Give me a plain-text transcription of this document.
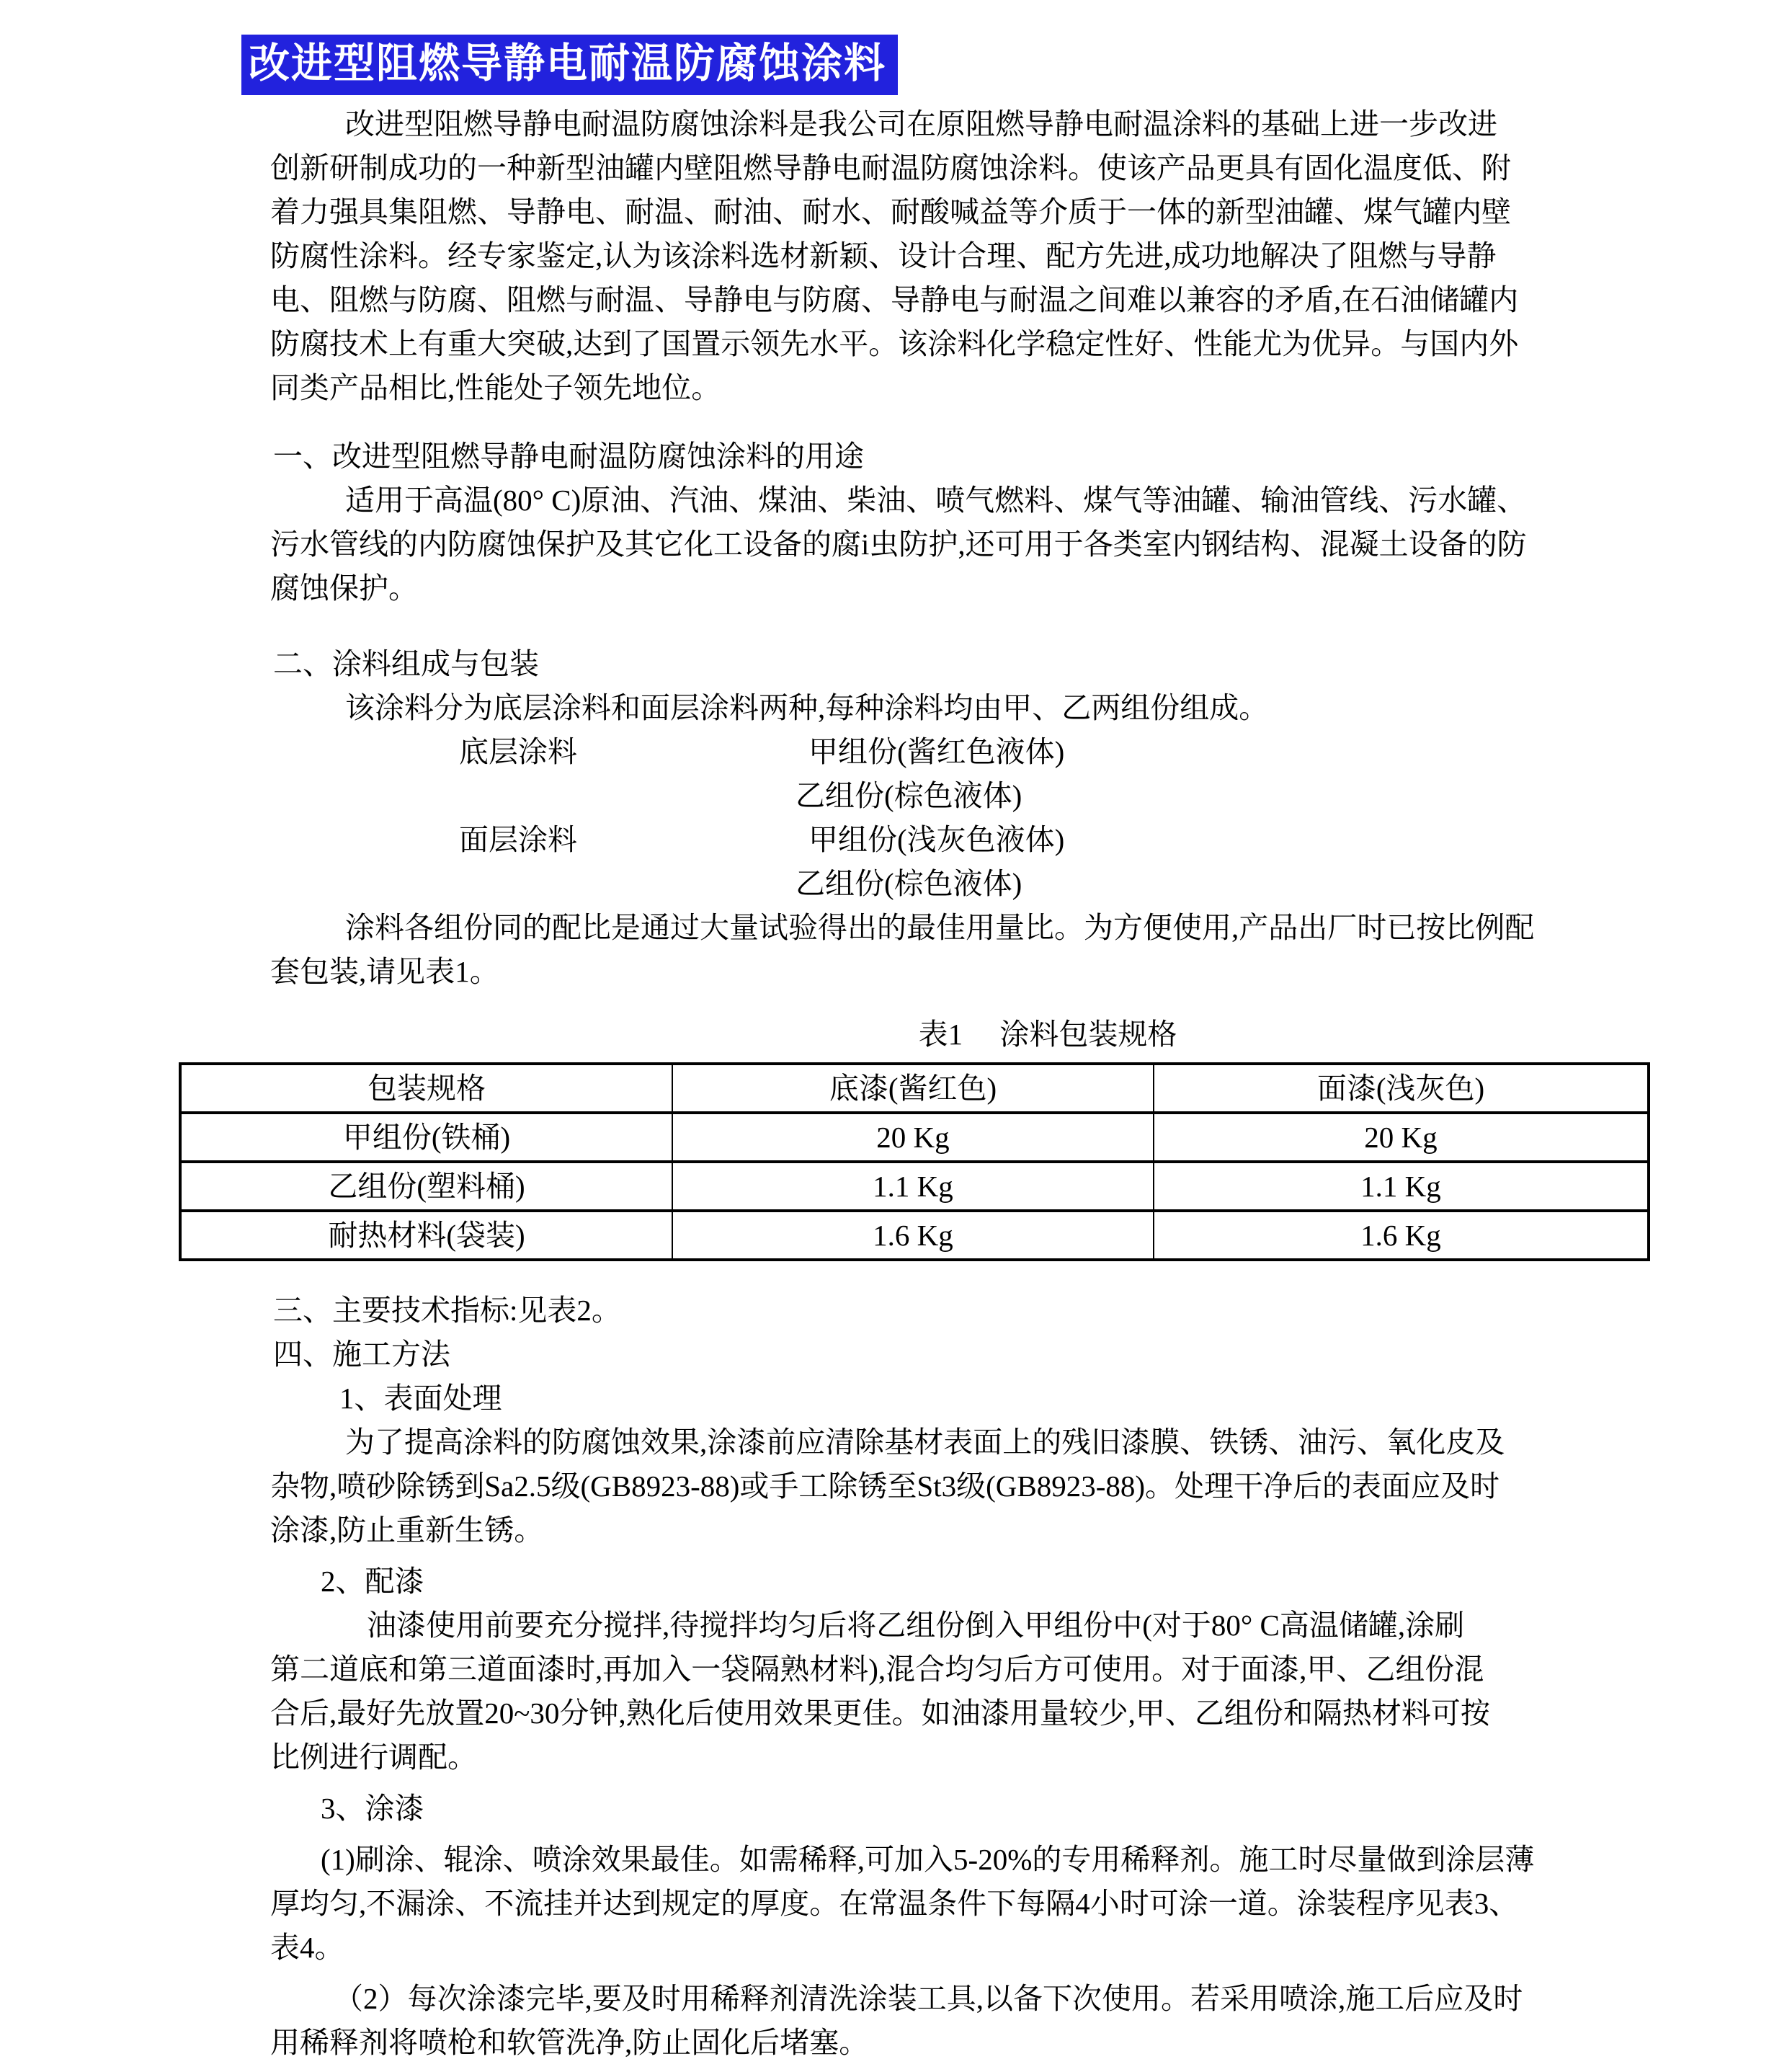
改进型阻燃导静电耐温防腐蚀涂料
改进型阻燃导静电耐温防腐蚀涂料是我公司在原阻燃导静电耐温涂料的基础上进一步改进
创新研制成功的一种新型油罐内壁阻燃导静电耐温防腐蚀涂料。使该产品更具有固化温度低、附
着力强具集阻燃、导静电、耐温、耐油、耐水、耐酸喊益等介质于一体的新型油罐、煤气罐内壁
防腐性涂料。经专家鉴定,认为该涂料选材新颖、设计合理、配方先进,成功地解决了阻燃与导静
电、阻燃与防腐、阻燃与耐温、导静电与防腐、导静电与耐温之间难以兼容的矛盾,在石油储罐内
防腐技术上有重大突破,达到了国置示领先水平。该涂料化学稳定性好、性能尤为优异。与国内外
同类产品相比,性能处子领先地位。
一、改进型阻燃导静电耐温防腐蚀涂料的用途
适用于高温(80° C)原油、汽油、煤油、柴油、喷气燃料、煤气等油罐、输油管线、污水罐、
污水管线的内防腐蚀保护及其它化工设备的腐i虫防护,还可用于各类室内钢结构、混凝土设备的防
腐蚀保护。
二、涂料组成与包装
该涂料分为底层涂料和面层涂料两种,每种涂料均由甲、乙两组份组成。
底层涂料	甲组份(酱红色液体)
乙组份(棕色液体)
面层涂料	甲组份(浅灰色液体)
乙组份(棕色液体)
涂料各组份同的配比是通过大量试验得出的最佳用量比。为方便使用,产品出厂时已按比例配
套包装,请见表1。
表1　 涂料包装规格
包装规格	底漆(酱红色)	面漆(浅灰色)
甲组份(铁桶)	20 Kg	20 Kg
乙组份(塑料桶)	1.1 Kg	1.1 Kg
耐热材料(袋装)	1.6 Kg	1.6 Kg
三、主要技术指标:见表2。
四、施工方法
1、表面处理
为了提高涂料的防腐蚀效果,涂漆前应清除基材表面上的残旧漆膜、铁锈、油污、氧化皮及
杂物,喷砂除锈到Sa2.5级(GB8923-88)或手工除锈至St3级(GB8923-88)。处理干净后的表面应及时
涂漆,防止重新生锈。
2、配漆
油漆使用前要充分搅拌,待搅拌均匀后将乙组份倒入甲组份中(对于80° C高温储罐,涂刷
第二道底和第三道面漆时,再加入一袋隔熟材料),混合均匀后方可使用。对于面漆,甲、乙组份混
合后,最好先放置20~30分钟,熟化后使用效果更佳。如油漆用量较少,甲、乙组份和隔热材料可按
比例进行调配。
3、涂漆
(1)刷涂、辊涂、喷涂效果最佳。如需稀释,可加入5-20%的专用稀释剂。施工时尽量做到涂层薄
厚均匀,不漏涂、不流挂并达到规定的厚度。在常温条件下每隔4小时可涂一道。涂装程序见表3、
表4。
（2）每次涂漆完毕,要及时用稀释剂清洗涂装工具,以备下次使用。若采用喷涂,施工后应及时
用稀释剂将喷枪和软管洗净,防止固化后堵塞。
